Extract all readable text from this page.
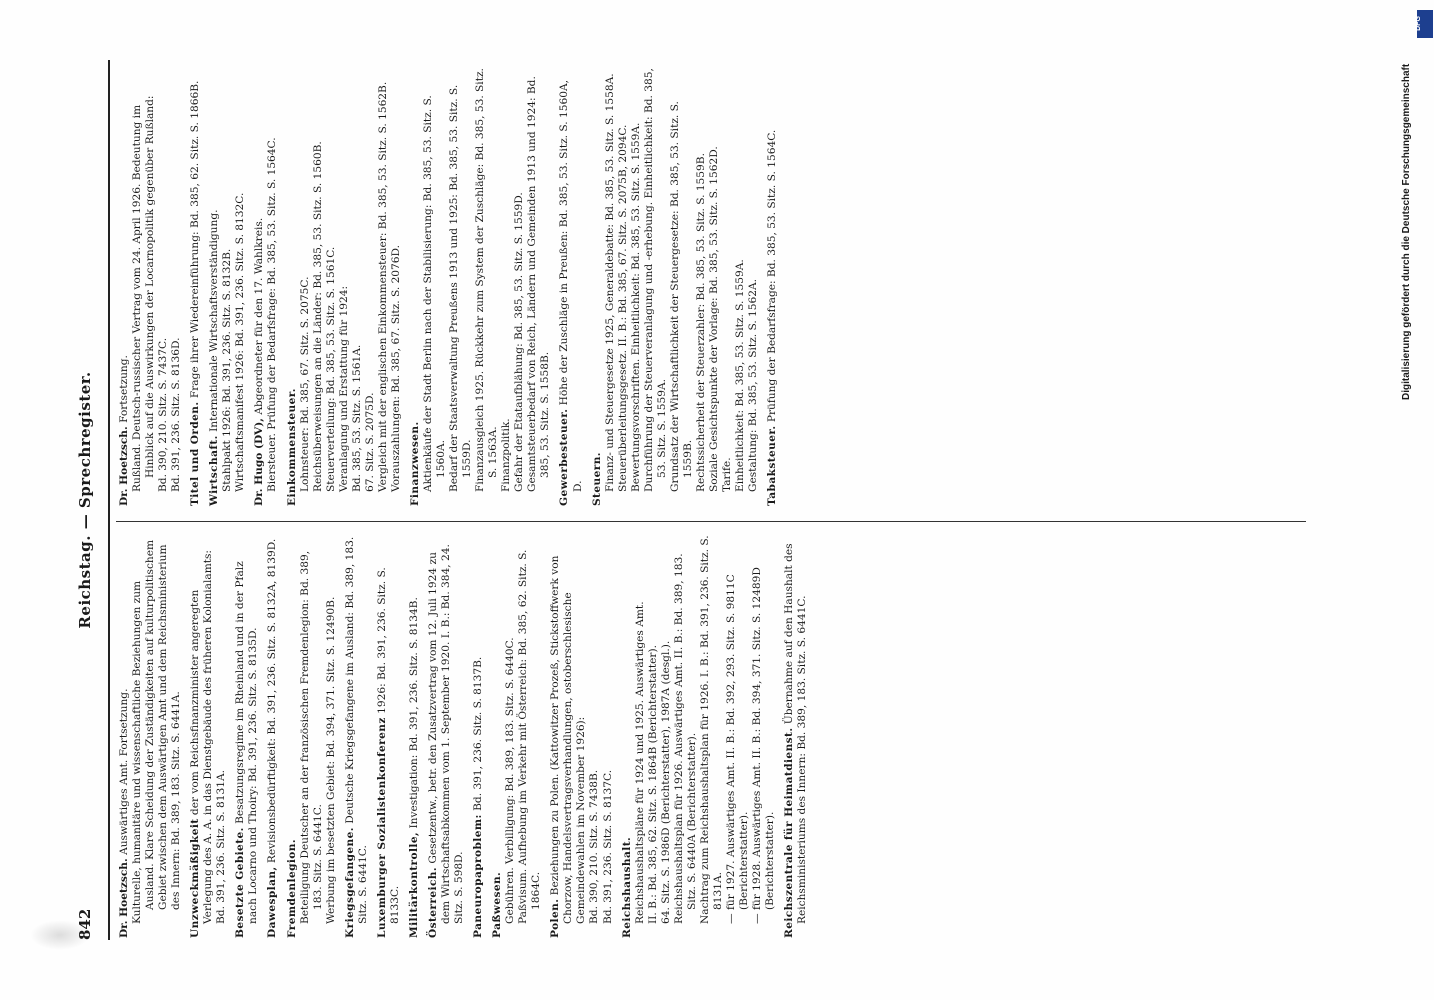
842
Reichstag. — Sprechregister.
Dr. Hoetzsch. Auswärtiges Amt. Fortsetzung. Kulturelle, humanitäre und wissenschaftliche Beziehungen zum Ausland. Klare Scheidung der Zuständigkeiten auf kulturpolitischem Gebiet zwischen dem Auswärtigen Amt und dem Reichsministerium des Innern: Bd. 389, 183. Sitz. S. 6441A. Unzweckmäßigkeit der vom Reichsfinanzminister angeregten Verlegung des A. A. in das Dienstgebäude des früheren Kolonialamts: Bd. 391, 236. Sitz. S. 8131A. Besetzte Gebiete. Besatzungsregime im Rheinland und in der Pfalz nach Locarno und Thoiry: Bd. 391, 236. Sitz. S. 8135D. Dawesplan, Revisionsbedürftigkeit: Bd. 391, 236. Sitz. S. 8132A, 8139D.
Fremdenlegion. Beteiligung Deutscher an der französischen Fremdenlegion: Bd. 389, 183. Sitz. S. 6441C. Werbung im besetzten Gebiet: Bd. 394, 371. Sitz. S. 12490B. Kriegsgefangene. Deutsche Kriegsgefangene im Ausland: Bd. 389, 183. Sitz. S. 6441C. Luxemburger Sozialistenkonferenz 1926: Bd. 391, 236. Sitz. S. 8133C. Militärkontrolle, Investigation: Bd. 391, 236. Sitz. S. 8134B.
Österreich. Gesetzentw., betr. den Zusatzvertrag vom 12. Juli 1924 zu dem Wirtschaftsabkommen vom 1. September 1920. I. B.: Bd. 384, 24. Sitz. S. 598D. Paneuropaproblem: Bd. 391, 236. Sitz. S. 8137B.
Paßwesen. Gebühren. Verbilligung: Bd. 389, 183. Sitz. S. 6440C. Paßvisum. Aufhebung im Verkehr mit Österreich: Bd. 385, 62. Sitz. S. 1864C.
Polen. Beziehungen zu Polen. (Kattowitzer Prozeß, Stickstoffwerk von Chorzow, Handelsvertragsverhandlungen, ostoberschlesische Gemeindewahlen im November 1926): Bd. 390, 210. Sitz. S. 7438B. Bd. 391, 236. Sitz. S. 8137C. Reichshaushalt. Reichshaushaltspläne für 1924 und 1925. Auswärtiges Amt. II. B.: Bd. 385, 62. Sitz. S. 1864B (Berichterstatter). 64. Sitz. S. 1986D (Berichterstatter), 1987A (desgl.). Reichshaushaltsplan für 1926. Auswärtiges Amt. II. B.: Bd. 389, 183. Sitz. S. 6440A (Berichterstatter). Nachtrag zum Reichshaushaltsplan für 1926. I. B.: Bd. 391, 236. Sitz. S. 8131A. — für 1927. Auswärtiges Amt. II. B.: Bd. 392, 293. Sitz. S. 9811C (Berichterstatter). — für 1928. Auswärtiges Amt. II. B.: Bd. 394, 371. Sitz. S. 12489D (Berichterstatter). Reichszentrale für Heimatdienst. Übernahme auf den Haushalt des Reichsministeriums des Innern: Bd. 389, 183. Sitz. S. 6441C.
Dr. Hoetzsch. Fortsetzung. Rußland. Deutsch-russischer Vertrag vom 24. April 1926. Bedeutung im Hinblick auf die Auswirkungen der Locarnopolitik gegenüber Rußland: Bd. 390, 210. Sitz. S. 7437C. Bd. 391, 236. Sitz. S. 8136D. Titel und Orden. Frage ihrer Wiedereinführung: Bd. 385, 62. Sitz. S. 1866B.
Wirtschaft. Internationale Wirtschaftsverständigung. Stahlpakt 1926: Bd. 391, 236. Sitz. S. 8132B. Wirtschaftsmanifest 1926: Bd. 391, 236. Sitz. S. 8132C. Dr. Hugo (DV), Abgeordneter für den 17. Wahlkreis. Biersteuer. Prüfung der Bedarfsfrage: Bd. 385, 53. Sitz. S. 1564C. Einkommensteuer. Lohnsteuer: Bd. 385, 67. Sitz. S. 2075C. Reichsüberweisungen an die Länder: Bd. 385, 53. Sitz. S. 1560B. Steuerverteilung: Bd. 385, 53. Sitz. S. 1561C. Veranlagung und Erstattung für 1924: Bd. 385, 53. Sitz. S. 1561A. 67. Sitz. S. 2075D. Vergleich mit der englischen Einkommensteuer: Bd. 385, 53. Sitz. S. 1562B. Vorauszahlungen: Bd. 385, 67. Sitz. S. 2076D. Finanzwesen. Aktienkäufe der Stadt Berlin nach der Stabilisierung: Bd. 385, 53. Sitz. S. 1560A. Bedarf der Staatsverwaltung Preußens 1913 und 1925: Bd. 385, 53. Sitz. S. 1559D. Finanzausgleich 1925. Rückkehr zum System der Zuschläge: Bd. 385, 53. Sitz. S. 1563A. Finanzpolitik. Gefahr der Etataufblähung: Bd. 385, 53. Sitz. S. 1559D. Gesamtsteuerbedarf von Reich, Ländern und Gemeinden 1913 und 1924: Bd. 385, 53. Sitz. S. 1558B. Gewerbesteuer. Höhe der Zuschläge in Preußen: Bd. 385, 53. Sitz. S. 1560A, D. Steuern. Finanz- und Steuergesetze 1925, Generaldebatte: Bd. 385, 53. Sitz. S. 1558A. Steuerüberleitungsgesetz. II. B.: Bd. 385, 67. Sitz. S. 2075B, 2094C. Bewertungsvorschriften. Einheitlichkeit: Bd. 385, 53. Sitz. S. 1559A. Durchführung der Steuerveranlagung und -erhebung. Einheitlichkeit: Bd. 385, 53. Sitz. S. 1559A. Grundsatz der Wirtschaftlichkeit der Steuergesetze: Bd. 385, 53. Sitz. S. 1559B. Rechtssicherheit der Steuerzahler: Bd. 385, 53. Sitz. S. 1559B. Soziale Gesichtspunkte der Vorlage: Bd. 385, 53. Sitz. S. 1562D. Tarife. Einheitlichkeit: Bd. 385, 53. Sitz. S. 1559A. Gestaltung: Bd. 385, 53. Sitz. S. 1562A. Tabaksteuer. Prüfung der Bedarfsfrage: Bd. 385, 53. Sitz. S. 1564C.	Digitalisierung gefördert durch die Deutsche Forschungsgemeinschaft
DFG
